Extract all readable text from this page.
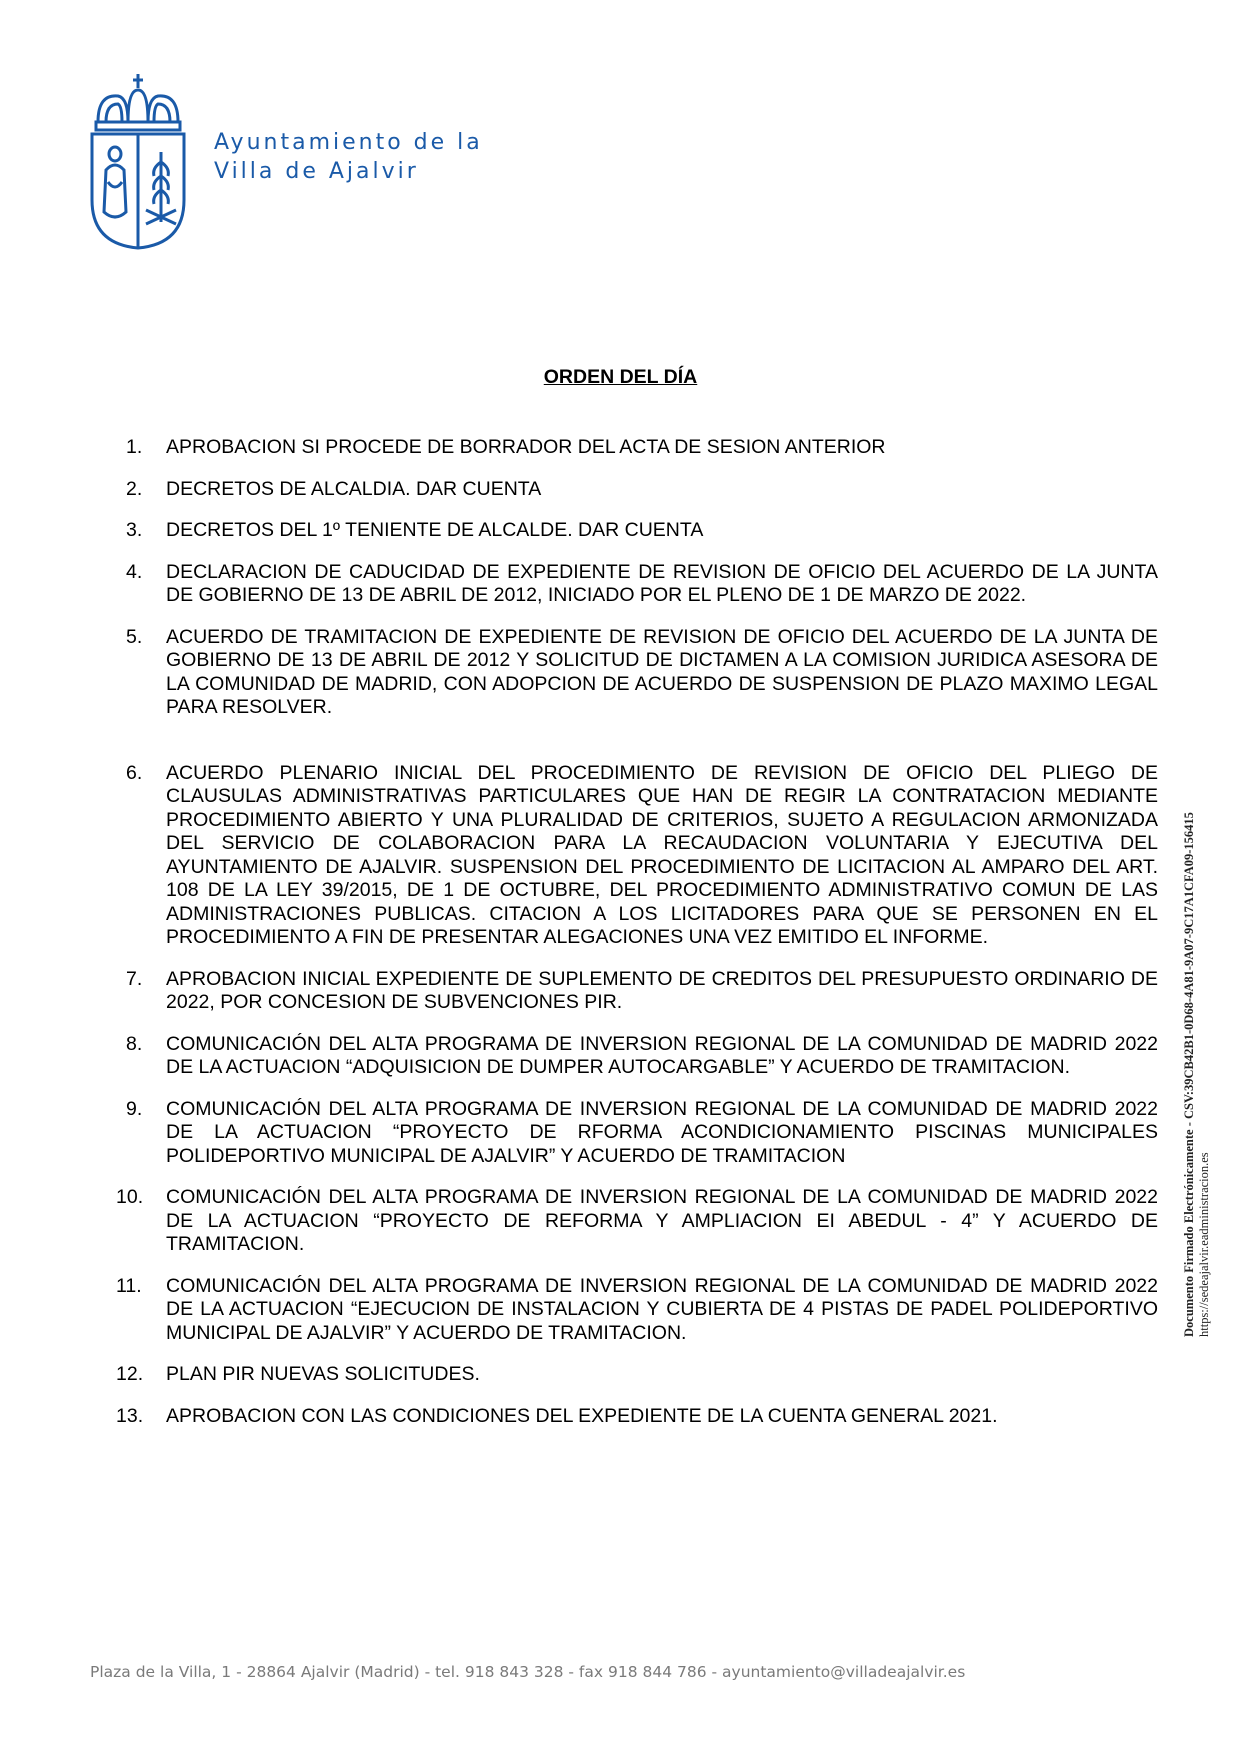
Ayuntamiento de la
Villa de Ajalvir
ORDEN DEL DÍA
1.	APROBACION SI PROCEDE DE BORRADOR DEL ACTA DE SESION ANTERIOR
2.	DECRETOS DE ALCALDIA. DAR CUENTA
3.	DECRETOS DEL 1º TENIENTE DE ALCALDE. DAR CUENTA
4.	DECLARACION DE CADUCIDAD DE EXPEDIENTE DE REVISION DE OFICIO DEL ACUERDO DE LA JUNTA DE GOBIERNO DE 13 DE ABRIL DE 2012, INICIADO POR EL PLENO DE 1 DE MARZO DE 2022.
5.	ACUERDO DE TRAMITACION DE EXPEDIENTE DE REVISION DE OFICIO DEL ACUERDO DE LA JUNTA DE GOBIERNO DE 13 DE ABRIL DE 2012 Y SOLICITUD DE DICTAMEN A LA COMISION JURIDICA ASESORA DE LA COMUNIDAD DE MADRID, CON ADOPCION DE ACUERDO DE SUSPENSION DE PLAZO MAXIMO LEGAL PARA RESOLVER.
6.	ACUERDO PLENARIO INICIAL DEL PROCEDIMIENTO DE REVISION DE OFICIO DEL PLIEGO DE CLAUSULAS ADMINISTRATIVAS PARTICULARES QUE HAN DE REGIR LA CONTRATACION MEDIANTE PROCEDIMIENTO ABIERTO Y UNA PLURALIDAD DE CRITERIOS, SUJETO A REGULACION ARMONIZADA DEL SERVICIO DE COLABORACION PARA LA RECAUDACION VOLUNTARIA Y EJECUTIVA DEL AYUNTAMIENTO DE AJALVIR. SUSPENSION DEL PROCEDIMIENTO DE LICITACION AL AMPARO DEL ART. 108 DE LA LEY 39/2015, DE 1 DE OCTUBRE, DEL PROCEDIMIENTO ADMINISTRATIVO COMUN DE LAS ADMINISTRACIONES PUBLICAS. CITACION A LOS LICITADORES PARA QUE SE PERSONEN EN EL PROCEDIMIENTO A FIN DE PRESENTAR ALEGACIONES UNA VEZ EMITIDO EL INFORME.
7.	APROBACION INICIAL EXPEDIENTE DE SUPLEMENTO DE CREDITOS DEL PRESUPUESTO ORDINARIO DE 2022, POR CONCESION DE SUBVENCIONES PIR.
8.	COMUNICACIÓN DEL ALTA PROGRAMA DE INVERSION REGIONAL DE LA COMUNIDAD DE MADRID 2022 DE LA ACTUACION “ADQUISICION DE DUMPER AUTOCARGABLE” Y ACUERDO DE TRAMITACION.
9.	COMUNICACIÓN DEL ALTA PROGRAMA DE INVERSION REGIONAL DE LA COMUNIDAD DE MADRID 2022 DE LA ACTUACION “PROYECTO DE RFORMA ACONDICIONAMIENTO PISCINAS MUNICIPALES POLIDEPORTIVO MUNICIPAL DE AJALVIR” Y ACUERDO DE TRAMITACION
10.	COMUNICACIÓN DEL ALTA PROGRAMA DE INVERSION REGIONAL DE LA COMUNIDAD DE MADRID 2022 DE LA ACTUACION “PROYECTO DE REFORMA Y AMPLIACION EI ABEDUL - 4” Y ACUERDO DE TRAMITACION.
11.	COMUNICACIÓN DEL ALTA PROGRAMA DE INVERSION REGIONAL DE LA COMUNIDAD DE MADRID 2022 DE LA ACTUACION “EJECUCION DE INSTALACION Y CUBIERTA DE 4 PISTAS DE PADEL POLIDEPORTIVO MUNICIPAL DE AJALVIR” Y ACUERDO DE TRAMITACION.
12.	PLAN PIR NUEVAS SOLICITUDES.
13.	APROBACION CON LAS CONDICIONES DEL EXPEDIENTE DE LA CUENTA GENERAL 2021.
Plaza de la Villa, 1 - 28864 Ajalvir (Madrid) - tel. 918 843 328 - fax 918 844 786 - ayuntamiento@villadeajalvir.es
Documento Firmado Electrónicamente - CSV:39CB42B1-0D68-4A81-9A07-9C17A1CFA09-156415 https://sedeajalvir.eadministracion.es
